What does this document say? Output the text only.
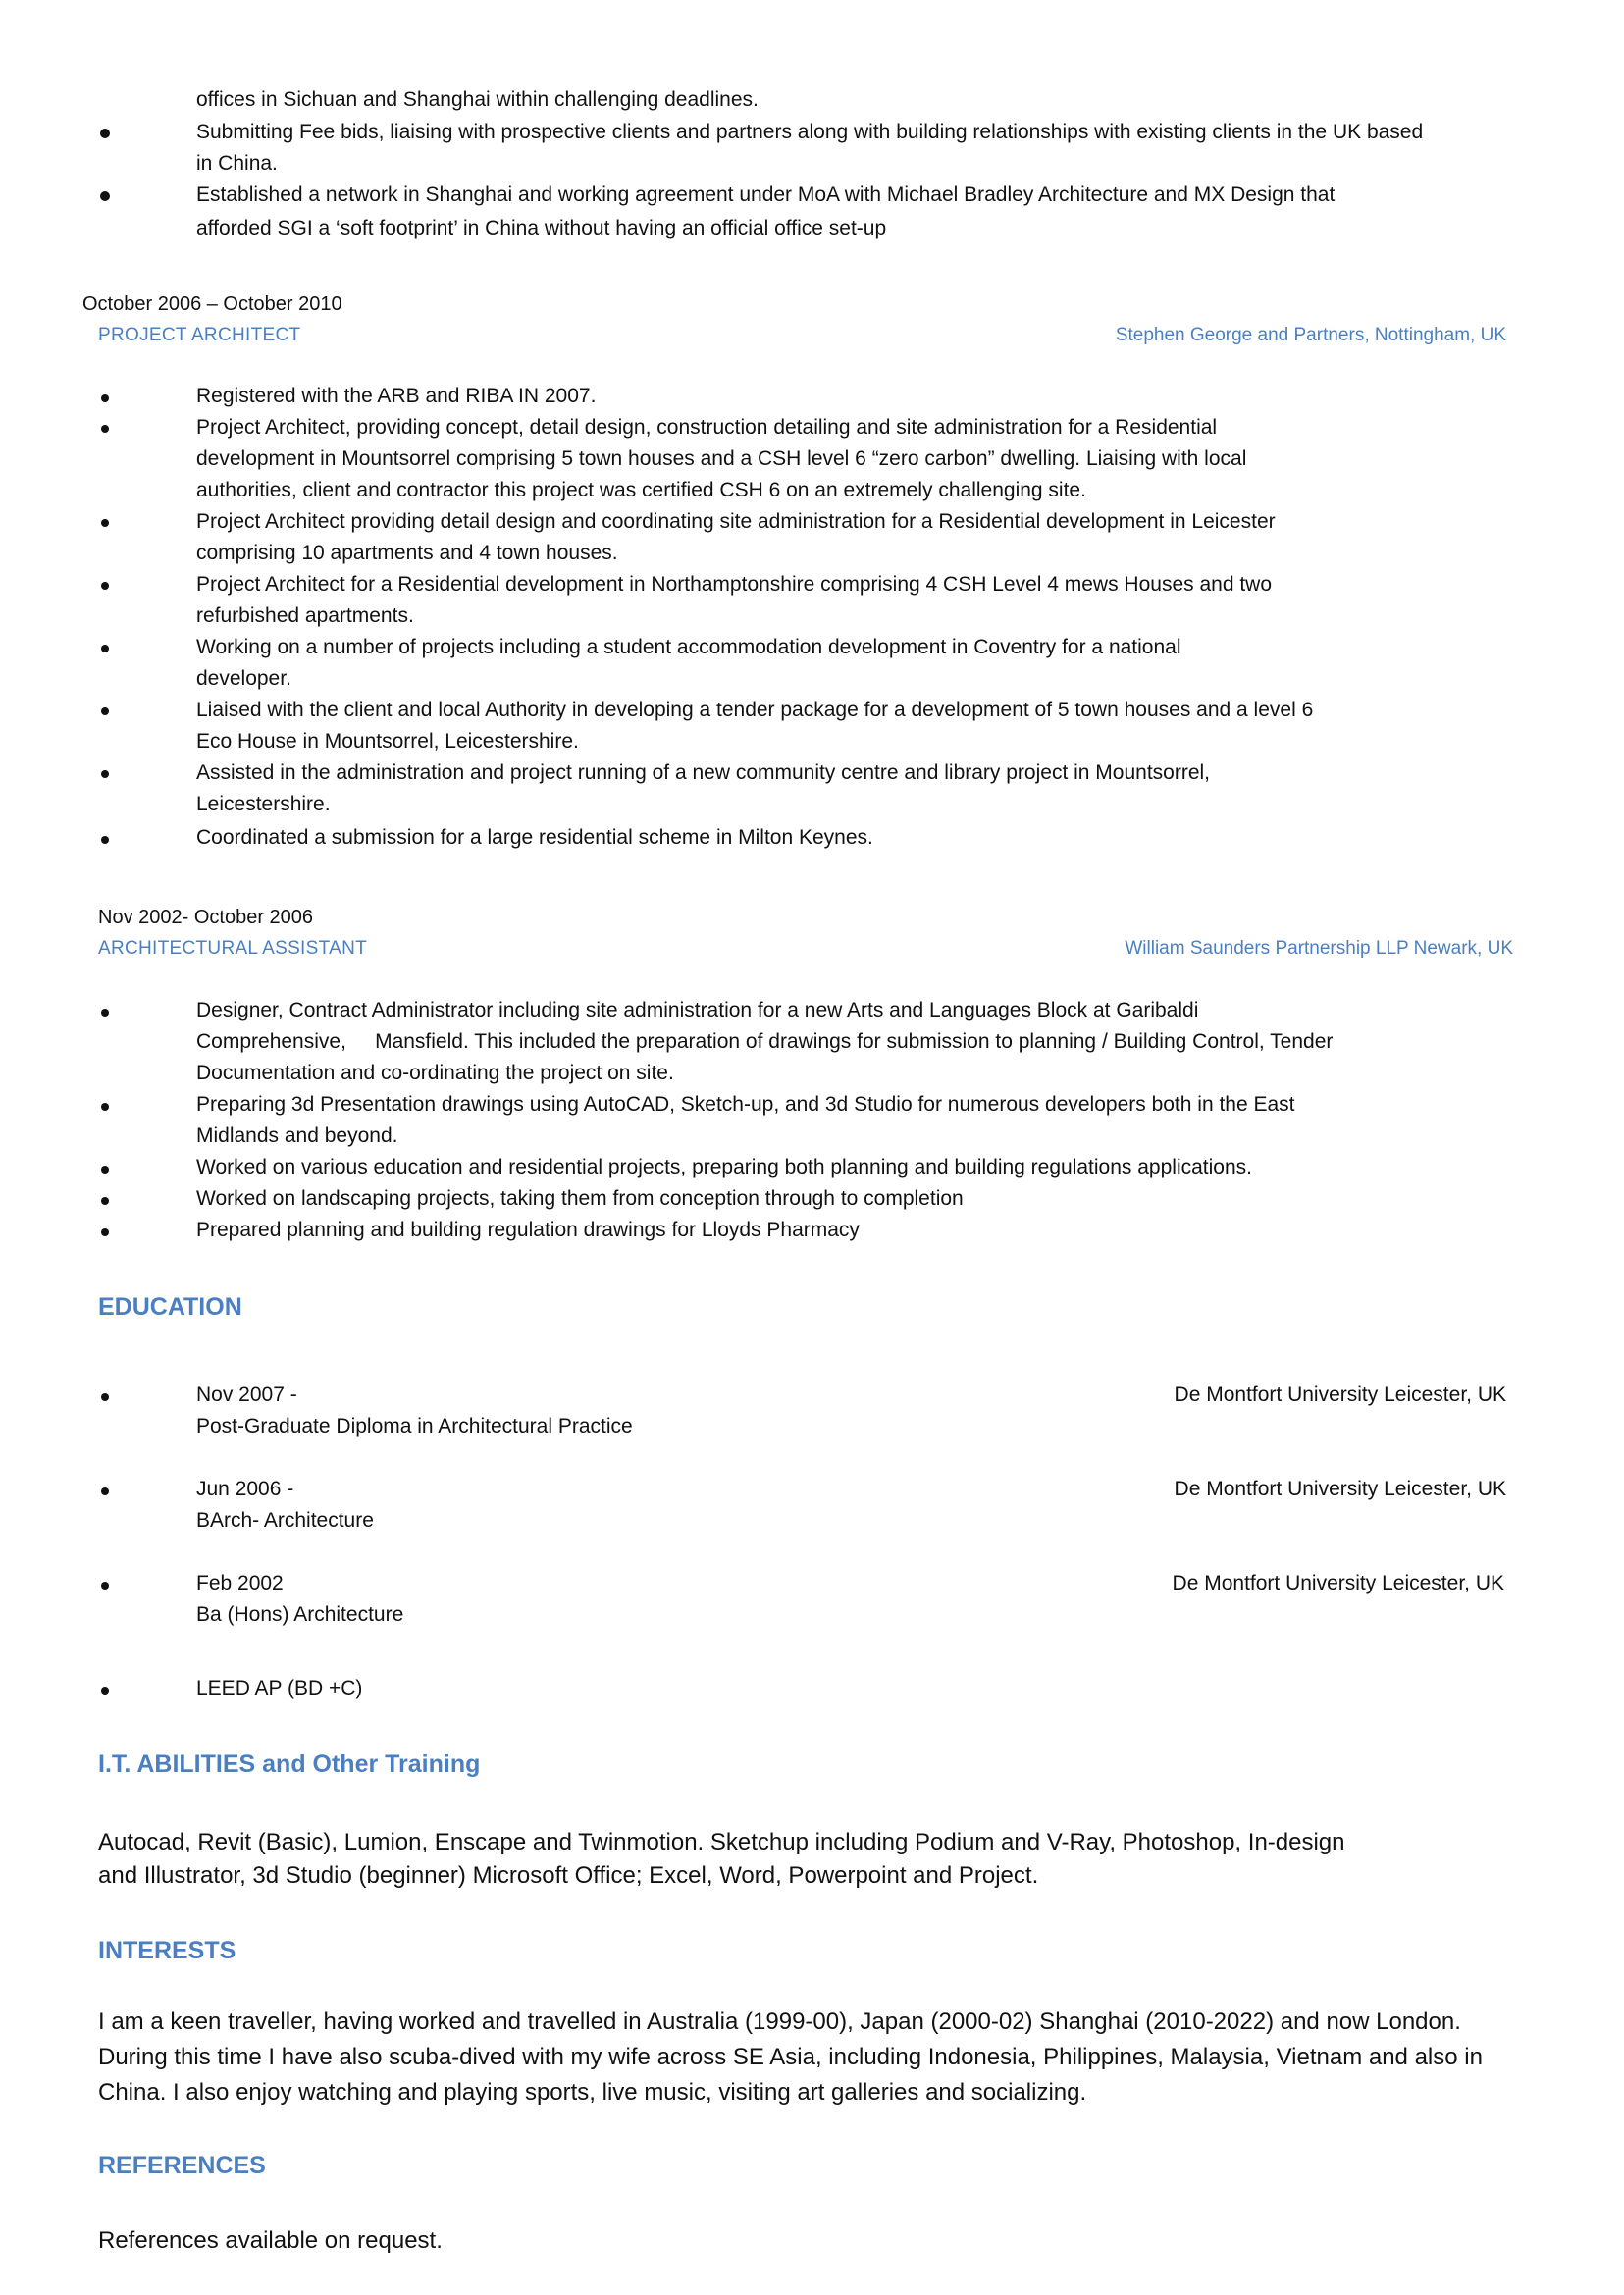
offices in Sichuan and Shanghai within challenging deadlines.
Submitting Fee bids, liaising with prospective clients and partners along with building relationships with existing clients in the UK based
in China.
Established a network in Shanghai and working agreement under MoA with Michael Bradley Architecture and MX Design that
afforded SGI a ‘soft footprint’ in China without having an official office set-up
October 2006 – October 2010
PROJECT ARCHITECT	Stephen George and Partners, Nottingham, UK
Registered with the ARB and RIBA IN 2007.
Project Architect, providing concept, detail design, construction detailing and site administration for a Residential
development in Mountsorrel comprising 5 town houses and a CSH level 6 “zero carbon” dwelling. Liaising with local
authorities, client and contractor this project was certified CSH 6 on an extremely challenging site.
Project Architect providing detail design and coordinating site administration for a Residential development in Leicester
comprising 10 apartments and 4 town houses.
Project Architect for a Residential development in Northamptonshire comprising 4 CSH Level 4 mews Houses and two
refurbished apartments.
Working on a number of projects including a student accommodation development in Coventry for a national
developer.
Liaised with the client and local Authority in developing a tender package for a development of 5 town houses and a level 6
Eco House in Mountsorrel, Leicestershire.
Assisted in the administration and project running of a new community centre and library project in Mountsorrel,
Leicestershire.
Coordinated a submission for a large residential scheme in Milton Keynes.
Nov 2002- October 2006
ARCHITECTURAL ASSISTANT	William Saunders Partnership LLP Newark, UK
Designer, Contract Administrator including site administration for a new Arts and Languages Block at Garibaldi
Comprehensive,     Mansfield. This included the preparation of drawings for submission to planning / Building Control, Tender
Documentation and co-ordinating the project on site.
Preparing 3d Presentation drawings using AutoCAD, Sketch-up, and 3d Studio for numerous developers both in the East
Midlands and beyond.
Worked on various education and residential projects, preparing both planning and building regulations applications.
Worked on landscaping projects, taking them from conception through to completion
Prepared planning and building regulation drawings for Lloyds Pharmacy
EDUCATION
Nov 2007 -
Post-Graduate Diploma in Architectural Practice
De Montfort University Leicester, UK
Jun 2006 -
BArch- Architecture
De Montfort University Leicester, UK
Feb 2002
Ba (Hons) Architecture
De Montfort University Leicester, UK
LEED AP (BD +C)
I.T. ABILITIES and Other Training
Autocad, Revit (Basic), Lumion, Enscape and Twinmotion. Sketchup including Podium and V-Ray, Photoshop, In-design
and Illustrator, 3d Studio (beginner) Microsoft Office; Excel, Word, Powerpoint and Project.
INTERESTS
I am a keen traveller, having worked and travelled in Australia (1999-00), Japan (2000-02) Shanghai (2010-2022) and now London.
During this time I have also scuba-dived with my wife across SE Asia, including Indonesia, Philippines, Malaysia, Vietnam and also in
China. I also enjoy watching and playing sports, live music, visiting art galleries and socializing.
REFERENCES
References available on request.
